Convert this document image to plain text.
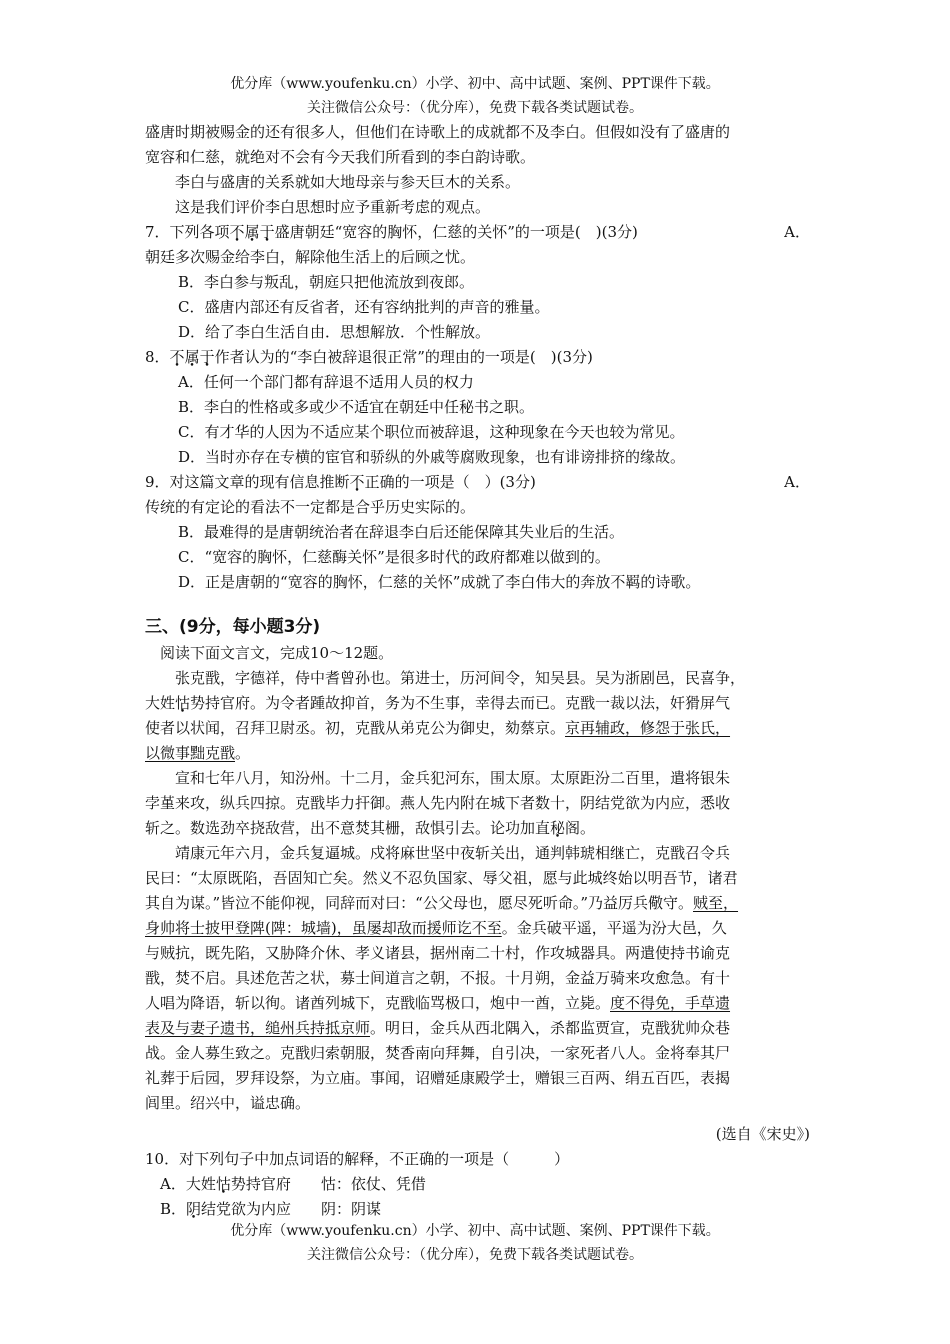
优分库（www.youfenku.cn）小学、初中、高中试题、案例、PPT课件下载。
关注微信公众号：（优分库），免费下载各类试题试卷。
盛唐时期被赐金的还有很多人，但他们在诗歌上的成就都不及李白。但假如没有了盛唐的
宽容和仁慈，就绝对不会有今天我们所看到的李白韵诗歌。
李白与盛唐的关系就如大地母亲与参天巨木的关系。
这是我们评价李白思想时应予重新考虑的观点。
7．下列各项不属于盛唐朝廷“宽容的胸怀，仁慈的关怀”的一项是(　)(3分)	A．
朝廷多次赐金给李白，解除他生活上的后顾之忧。
B．李白参与叛乱，朝庭只把他流放到夜郎。
C．盛唐内部还有反省者，还有容纳批判的声音的雅量。
D．给了李白生活自由．思想解放．个性解放。
8．不属于作者认为的“李白被辞退很正常”的理由的一项是(　)(3分)
A．任何一个部门都有辞退不适用人员的权力
B．李白的性格或多或少不适宜在朝廷中任秘书之职。
C．有才华的人因为不适应某个职位而被辞退，这种现象在今天也较为常见。
D．当时亦存在专横的宦官和骄纵的外戚等腐败现象，也有诽谤排挤的缘故。
9．对这篇文章的现有信息推断不正确的一项是（　）(3分)	A．
传统的有定论的看法不一定都是合乎历史实际的。
B．最难得的是唐朝统治者在辞退李白后还能保障其失业后的生活。
C．“宽容的胸怀，仁慈酶关怀”是很多时代的政府都难以做到的。
D．正是唐朝的“宽容的胸怀，仁慈的关怀”成就了李白伟大的奔放不羁的诗歌。
三、(9分，每小题3分)
阅读下面文言文，完成10～12题。
张克戬，字德祥，侍中耆曾孙也。第进士，历河间令，知吴县。吴为浙剧邑，民喜争，
大姓怙势持官府。为令者踵故抑首，务为不生事，幸得去而已。克戬一裁以法，奸猾屏气
使者以状闻，召拜卫尉丞。初，克戬从弟克公为御史，劾蔡京。京再辅政，修怨于张氏，
以微事黜克戬。
宣和七年八月，知汾州。十二月，金兵犯河东，围太原。太原距汾二百里，遣将银朱
孛堇来攻，纵兵四掠。克戬毕力扞御。燕人先内附在城下者数十，阴结党欲为内应，悉收
斩之。数选劲卒挠敌营，出不意焚其栅，敌惧引去。论功加直秘阁。
靖康元年六月，金兵复逼城。戍将麻世坚中夜斩关出，通判韩琥相继亡，克戬召令兵
民曰：“太原既陷，吾固知亡矣。然义不忍负国家、辱父祖，愿与此城终始以明吾节，诸君
其自为谋。”皆泣不能仰视，同辞而对曰：“公父母也，愿尽死听命。”乃益厉兵儆守。贼至，
身帅将士披甲登陴(陴：城墙)，虽屡却敌而援师讫不至。金兵破平遥，平遥为汾大邑，久
与贼抗，既先陷，又胁降介休、孝义诸县，据州南二十村，作攻城器具。两遣使持书谕克
戬，焚不启。具述危苦之状，募士间道言之朝，不报。十月朔，金益万骑来攻愈急。有十
人唱为降语，斩以徇。诸酋列城下，克戬临骂极口，炮中一酋，立毙。度不得免，手草遗
表及与妻子遗书，缒州兵持抵京师。明日，金兵从西北隅入，杀都监贾宣，克戬犹帅众巷
战。金人募生致之。克戬归索朝服，焚香南向拜舞，自引决，一家死者八人。金将奉其尸
礼葬于后园，罗拜设祭，为立庙。事闻，诏赠延康殿学士，赠银三百两、绢五百匹，表揭
闾里。绍兴中，谥忠确。
(选自《宋史》)
10．对下列句子中加点词语的解释，不正确的一项是（　　　）
A．大姓怙势持官府　　怙：依仗、凭借
B．阴结党欲为内应　　阴：阴谋
优分库（www.youfenku.cn）小学、初中、高中试题、案例、PPT课件下载。
关注微信公众号：（优分库），免费下载各类试题试卷。
